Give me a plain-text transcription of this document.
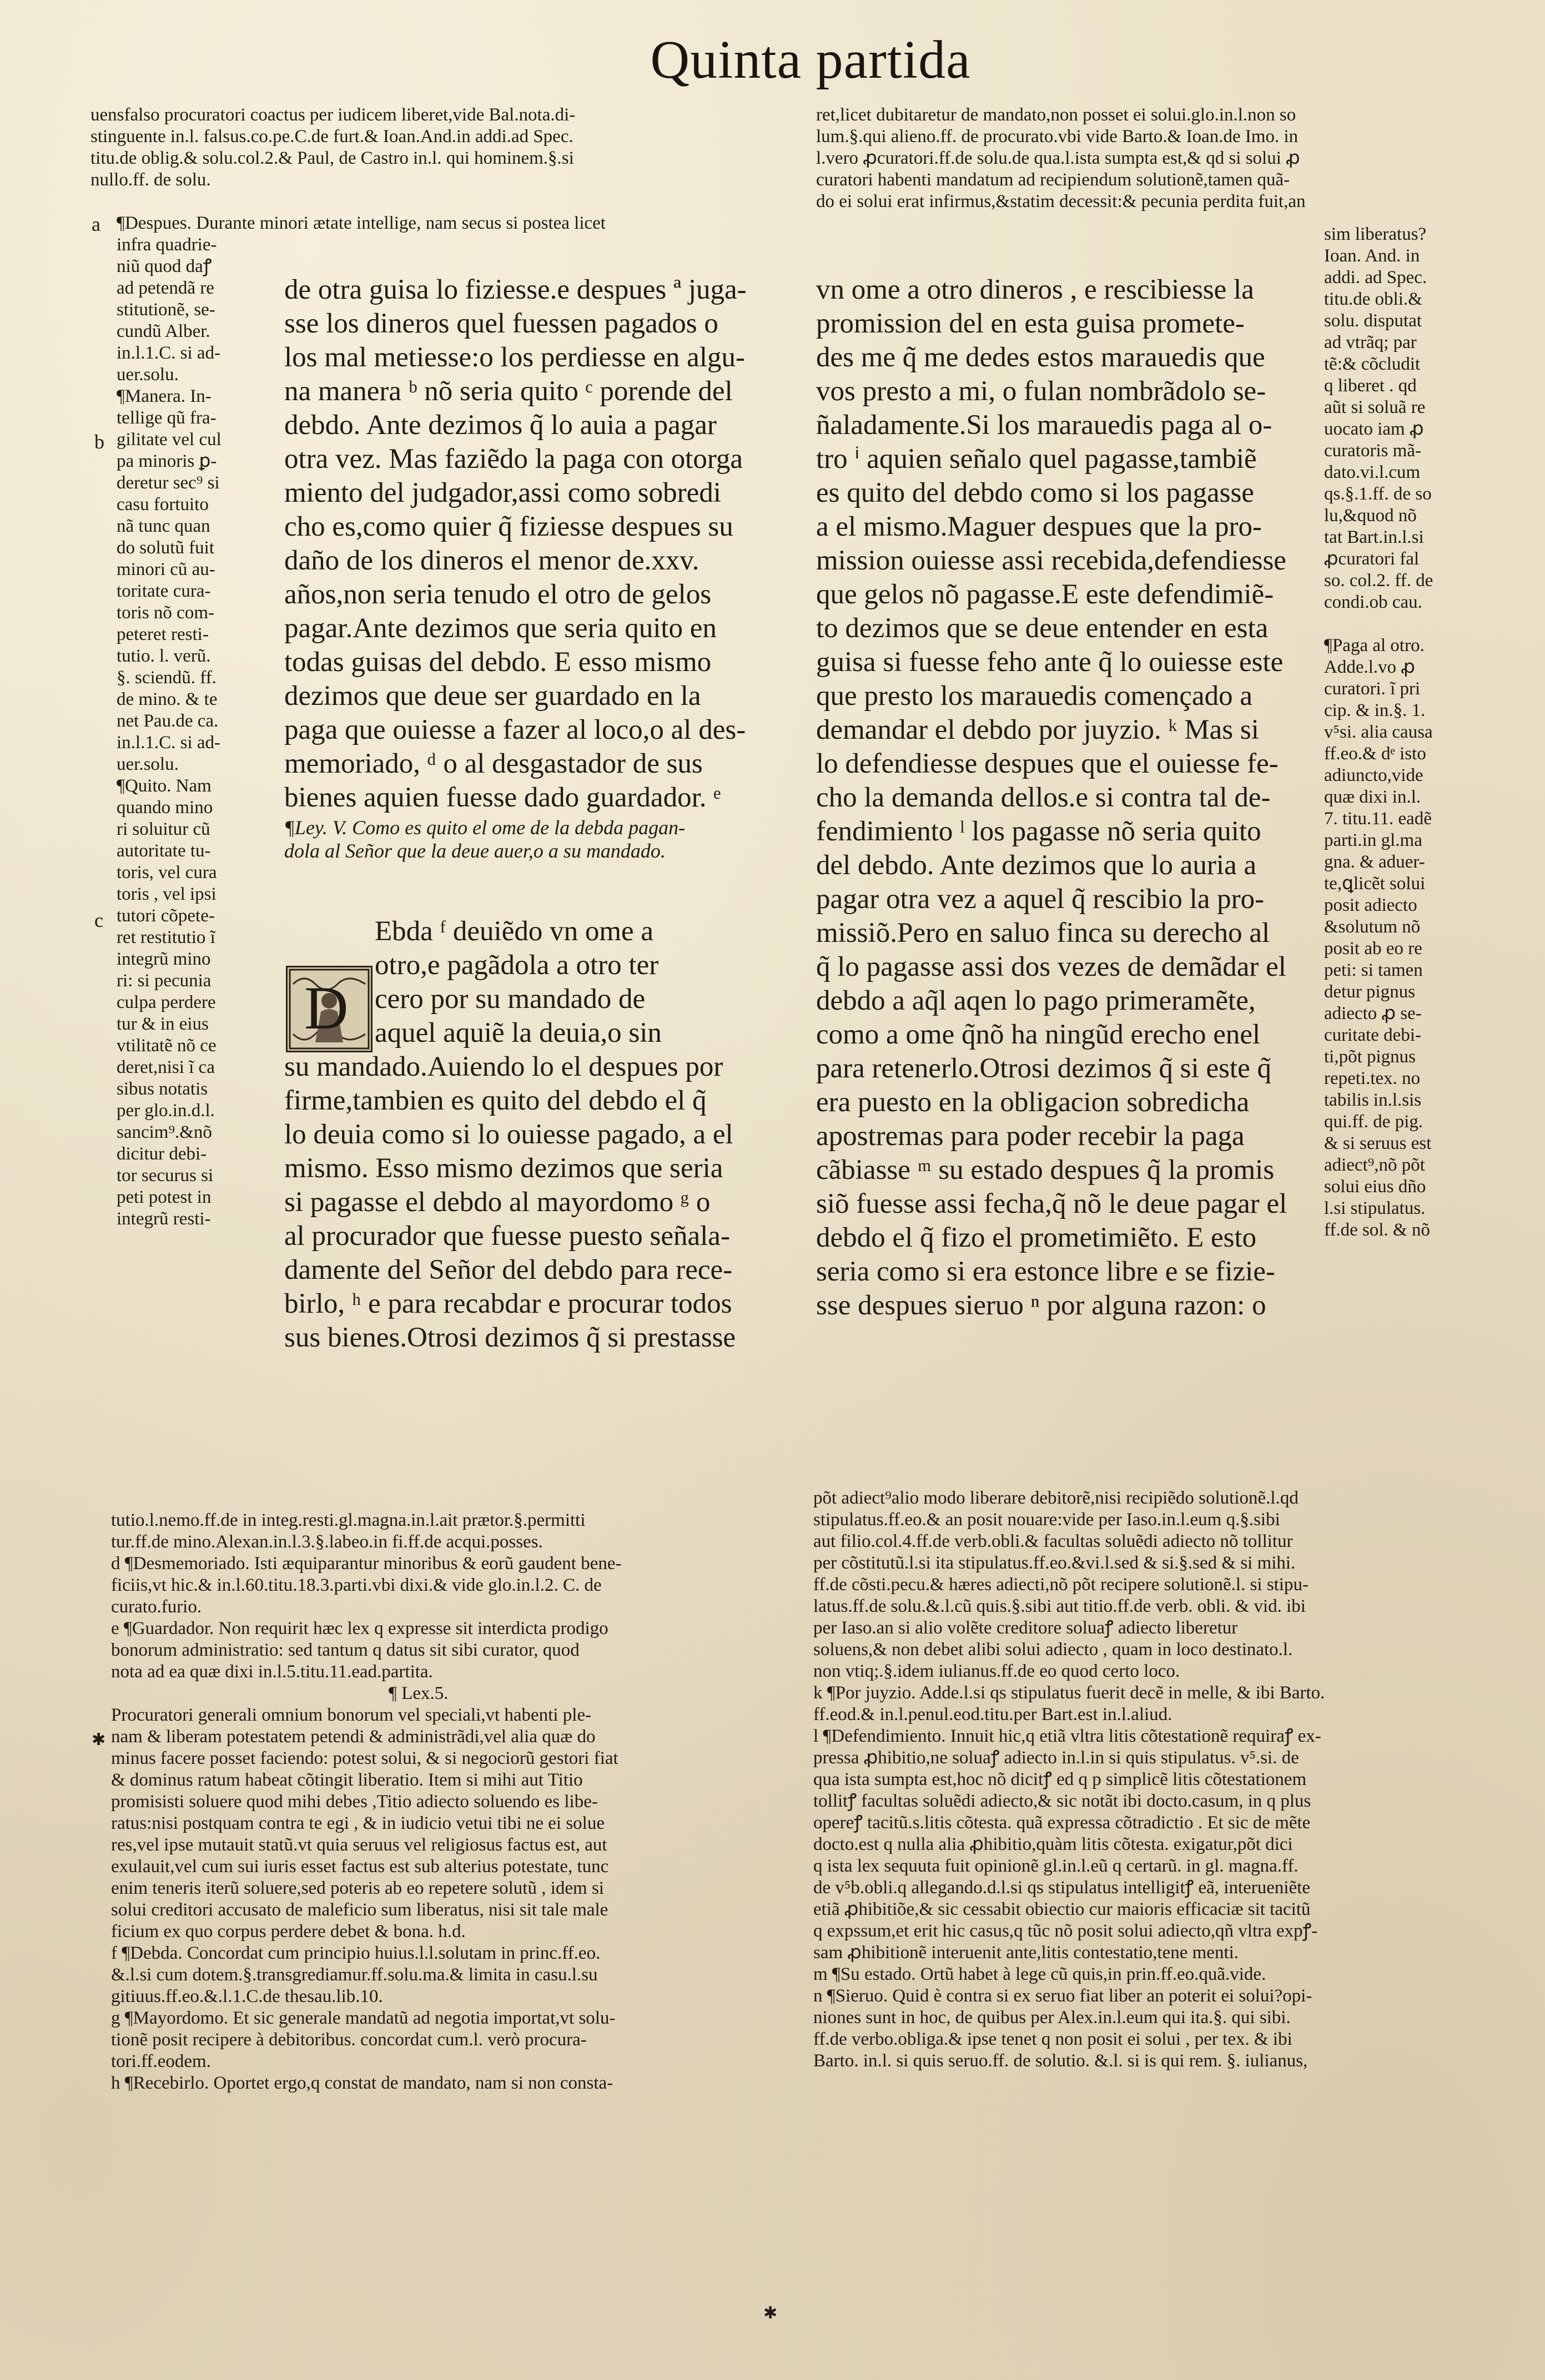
Quinta partida
uensfalso procuratori coactus per iudicem liberet,vide Bal.nota.di-
stinguente in.l. falsus.co.pe.C.de furt.& Ioan.And.in addi.ad Spec.
titu.de oblig.& solu.col.2.& Paul, de Castro in.l. qui hominem.§.si
nullo.ff. de solu.
ret,licet dubitaretur de mandato,non posset ei solui.glo.in.l.non so
lum.§.qui alieno.ff. de procurato.vbi vide Barto.& Ioan.de Imo. in
l.vero ꝓcuratori.ff.de solu.de qua.l.ista sumpta est,& qd si solui ꝓ
curatori habenti mandatum ad recipiendum solutionẽ,tamen quã-
do ei solui erat infirmus,&statim decessit:& pecunia perdita fuit,an
a
b
c
¶Despues. Durante minori ætate intellige, nam secus si postea licet
infra quadrie-
niũ quod daꝭ
ad petendã re
stitutionẽ, se-
cundũ Alber.
in.l.1.C. si ad-
uer.solu.
¶Manera. In-
tellige qũ fra-
gilitate vel cul
pa minoris ꝑ-
deretur sec⁹ si
casu fortuito
nã tunc quan
do solutũ fuit
minori cũ au-
toritate cura-
toris nõ com-
peteret resti-
tutio. l. verũ.
§. sciendũ. ff.
de mino. & te
net Pau.de ca.
in.l.1.C. si ad-
uer.solu.
¶Quito. Nam
quando mino
ri soluitur cũ
autoritate tu-
toris, vel cura
toris , vel ipsi
tutori cõpete-
ret restitutio ĩ
integrũ mino
ri: si pecunia
culpa perdere
tur & in eius
vtilitatẽ nõ ce
deret,nisi ĩ ca
sibus notatis
per glo.in.d.l.
sancim⁹.&nõ
dicitur debi-
tor securus si
peti potest in
integrũ resti-
de otra guisa lo fiziesse.e despues ª juga-
sse los dineros quel fuessen pagados o
los mal metiesse:o los perdiesse en algu-
na manera ᵇ nõ seria quito ᶜ porende del
debdo. Ante dezimos q̃ lo auia a pagar
otra vez. Mas faziẽdo la paga con otorga
miento del judgador,assi como sobredi
cho es,como quier q̃ fiziesse despues su
daño de los dineros el menor de.xxv.
años,non seria tenudo el otro de gelos
pagar.Ante dezimos que seria quito en
todas guisas del debdo. E esso mismo
dezimos que deue ser guardado en la
paga que ouiesse a fazer al loco,o al des-
memoriado, ᵈ o al desgastador de sus
bienes aquien fuesse dado guardador. ᵉ
¶Ley. V. Como es quito el ome de la debda pagan-
dola al Señor que la deue auer,o a su mandado.
D
Ebda ᶠ deuiẽdo vn ome a
otro,e pagãdola a otro ter
cero por su mandado de
aquel aquiẽ la deuia,o sin
su mandado.Auiendo lo el despues por
firme,tambien es quito del debdo el q̃
lo deuia como si lo ouiesse pagado, a el
mismo. Esso mismo dezimos que seria
si pagasse el debdo al mayordomo ᵍ o
al procurador que fuesse puesto señala-
damente del Señor del debdo para rece-
birlo, ʰ e para recabdar e procurar todos
sus bienes.Otrosi dezimos q̃ si prestasse
vn ome a otro dineros , e rescibiesse la
promission del en esta guisa promete-
des me q̃ me dedes estos marauedis que
vos presto a mi, o fulan nombrãdolo se-
ñaladamente.Si los marauedis paga al o-
tro ⁱ aquien señalo quel pagasse,tambiẽ
es quito del debdo como si los pagasse
a el mismo.Maguer despues que la pro-
mission ouiesse assi recebida,defendiesse
que gelos nõ pagasse.E este defendimiẽ-
to dezimos que se deue entender en esta
guisa si fuesse feho ante q̃ lo ouiesse este
que presto los marauedis començado a
demandar el debdo por juyzio. ᵏ Mas si
lo defendiesse despues que el ouiesse fe-
cho la demanda dellos.e si contra tal de-
fendimiento ˡ los pagasse nõ seria quito
del debdo. Ante dezimos que lo auria a
pagar otra vez a aquel q̃ rescibio la pro-
missiõ.Pero en saluo finca su derecho al
q̃ lo pagasse assi dos vezes de demãdar el
debdo a aq̃l aqen lo pago primeramẽte,
como a ome q̃nõ ha ningũd erecho enel
para retenerlo.Otrosi dezimos q̃ si este q̃
era puesto en la obligacion sobredicha
apostremas para poder recebir la paga
cãbiasse ᵐ su estado despues q̃ la promis
siõ fuesse assi fecha,q̃ nõ le deue pagar el
debdo el q̃ fizo el prometimiẽto. E esto
seria como si era estonce libre e se fizie-
sse despues sieruo ⁿ por alguna razon: o
sim liberatus?
Ioan. And. in
addi. ad Spec.
titu.de obli.&
solu. disputat
ad vtrãq; par
tẽ:& cõcludit
q liberet . qd
aũt si soluã re
uocato iam ꝓ
curatoris mã-
dato.vi.l.cum
qs.§.1.ff. de so
lu,&quod nõ
tat Bart.in.l.si
ꝓcuratori fal
so. col.2. ff. de
condi.ob cau.
¶Paga al otro.
Adde.l.vo ꝓ
curatori. ĩ pri
cip. & in.§. 1.
v⁵si. alia causa
ff.eo.& dᵉ isto
adiuncto,vide
quæ dixi in.l.
7. titu.11. eadẽ
parti.in gl.ma
gna. & aduer-
te,ꝗlicẽt solui
posit adiecto
&solutum nõ
posit ab eo re
peti: si tamen
detur pignus
adiecto ꝓ se-
curitate debi-
ti,põt pignus
repeti.tex. no
tabilis in.l.sis
qui.ff. de pig.
& si seruus est
adiect⁹,nõ põt
solui eius dño
l.si stipulatus.
ff.de sol. & nõ
tutio.l.nemo.ff.de in integ.resti.gl.magna.in.l.ait prætor.§.permitti
tur.ff.de mino.Alexan.in.l.3.§.labeo.in fi.ff.de acqui.posses.
d ¶Desmemoriado. Isti æquiparantur minoribus & eorũ gaudent bene-
ficiis,vt hic.& in.l.60.titu.18.3.parti.vbi dixi.& vide glo.in.l.2. C. de
curato.furio.
e ¶Guardador. Non requirit hæc lex q expresse sit interdicta prodigo
bonorum administratio: sed tantum q datus sit sibi curator, quod
nota ad ea quæ dixi in.l.5.titu.11.ead.partita.
¶ Lex.5.
Procuratori generali omnium bonorum vel speciali,vt habenti ple-
nam & liberam potestatem petendi & administrãdi,vel alia quæ do
minus facere posset faciendo: potest solui, & si negociorũ gestori fiat
& dominus ratum habeat cõtingit liberatio. Item si mihi aut Titio
promisisti soluere quod mihi debes ,Titio adiecto soluendo es libe-
ratus:nisi postquam contra te egi , & in iudicio vetui tibi ne ei solue
res,vel ipse mutauit statũ.vt quia seruus vel religiosus factus est, aut
exulauit,vel cum sui iuris esset factus est sub alterius potestate, tunc
enim teneris iterũ soluere,sed poteris ab eo repetere solutũ , idem si
solui creditori accusato de maleficio sum liberatus, nisi sit tale male
ficium ex quo corpus perdere debet & bona. h.d.
f ¶Debda. Concordat cum principio huius.l.l.solutam in princ.ff.eo.
&.l.si cum dotem.§.transgrediamur.ff.solu.ma.& limita in casu.l.su
gitiuus.ff.eo.&.l.1.C.de thesau.lib.10.
g ¶Mayordomo. Et sic generale mandatũ ad negotia importat,vt solu-
tionẽ posit recipere à debitoribus. concordat cum.l. verò procura-
tori.ff.eodem.
h ¶Recebirlo. Oportet ergo,q constat de mandato, nam si non consta-
✱
põt adiect⁹alio modo liberare debitorẽ,nisi recipiẽdo solutionẽ.l.qd
stipulatus.ff.eo.& an posit nouare:vide per Iaso.in.l.eum q.§.sibi
aut filio.col.4.ff.de verb.obli.& facultas soluẽdi adiecto nõ tollitur
per cõstitutũ.l.si ita stipulatus.ff.eo.&vi.l.sed & si.§.sed & si mihi.
ff.de cõsti.pecu.& hæres adiecti,nõ põt recipere solutionẽ.l. si stipu-
latus.ff.de solu.&.l.cũ quis.§.sibi aut titio.ff.de verb. obli. & vid. ibi
per Iaso.an si alio volẽte creditore soluaꝭ adiecto liberetur
soluens,& non debet alibi solui adiecto , quam in loco destinato.l.
non vtiq;.§.idem iulianus.ff.de eo quod certo loco.
k ¶Por juyzio. Adde.l.si qs stipulatus fuerit decẽ in melle, & ibi Barto.
ff.eod.& in.l.penul.eod.titu.per Bart.est in.l.aliud.
l ¶Defendimiento. Innuit hic,q etiã vltra litis cõtestationẽ requiraꝭ ex-
pressa ꝓhibitio,ne soluaꝭ adiecto in.l.in si quis stipulatus. v⁵.si. de
qua ista sumpta est,hoc nõ dicitꝭ ed q p simplicẽ litis cõtestationem
tollitꝭ facultas soluẽdi adiecto,& sic notãt ibi docto.casum, in q plus
opereꝭ tacitũ.s.litis cõtesta. quã expressa cõtradictio . Et sic de mẽte
docto.est q nulla alia ꝓhibitio,quàm litis cõtesta. exigatur,põt dici
q ista lex sequuta fuit opinionẽ gl.in.l.eũ q certarũ. in gl. magna.ff.
de v⁵b.obli.q allegando.d.l.si qs stipulatus intelligitꝭ eã, interueniẽte
etiã ꝓhibitiõe,& sic cessabit obiectio cur maioris efficaciæ sit tacitũ
q expssum,et erit hic casus,q tũc nõ posit solui adiecto,qñ vltra expꝭ-
sam ꝓhibitionẽ interuenit ante,litis contestatio,tene menti.
m ¶Su estado. Ortũ habet à lege cũ quis,in prin.ff.eo.quã.vide.
n ¶Sieruo. Quid è contra si ex seruo fiat liber an poterit ei solui?opi-
niones sunt in hoc, de quibus per Alex.in.l.eum qui ita.§. qui sibi.
ff.de verbo.obliga.& ipse tenet q non posit ei solui , per tex. & ibi
Barto. in.l. si quis seruo.ff. de solutio. &.l. si is qui rem. §. iulianus,
✱
